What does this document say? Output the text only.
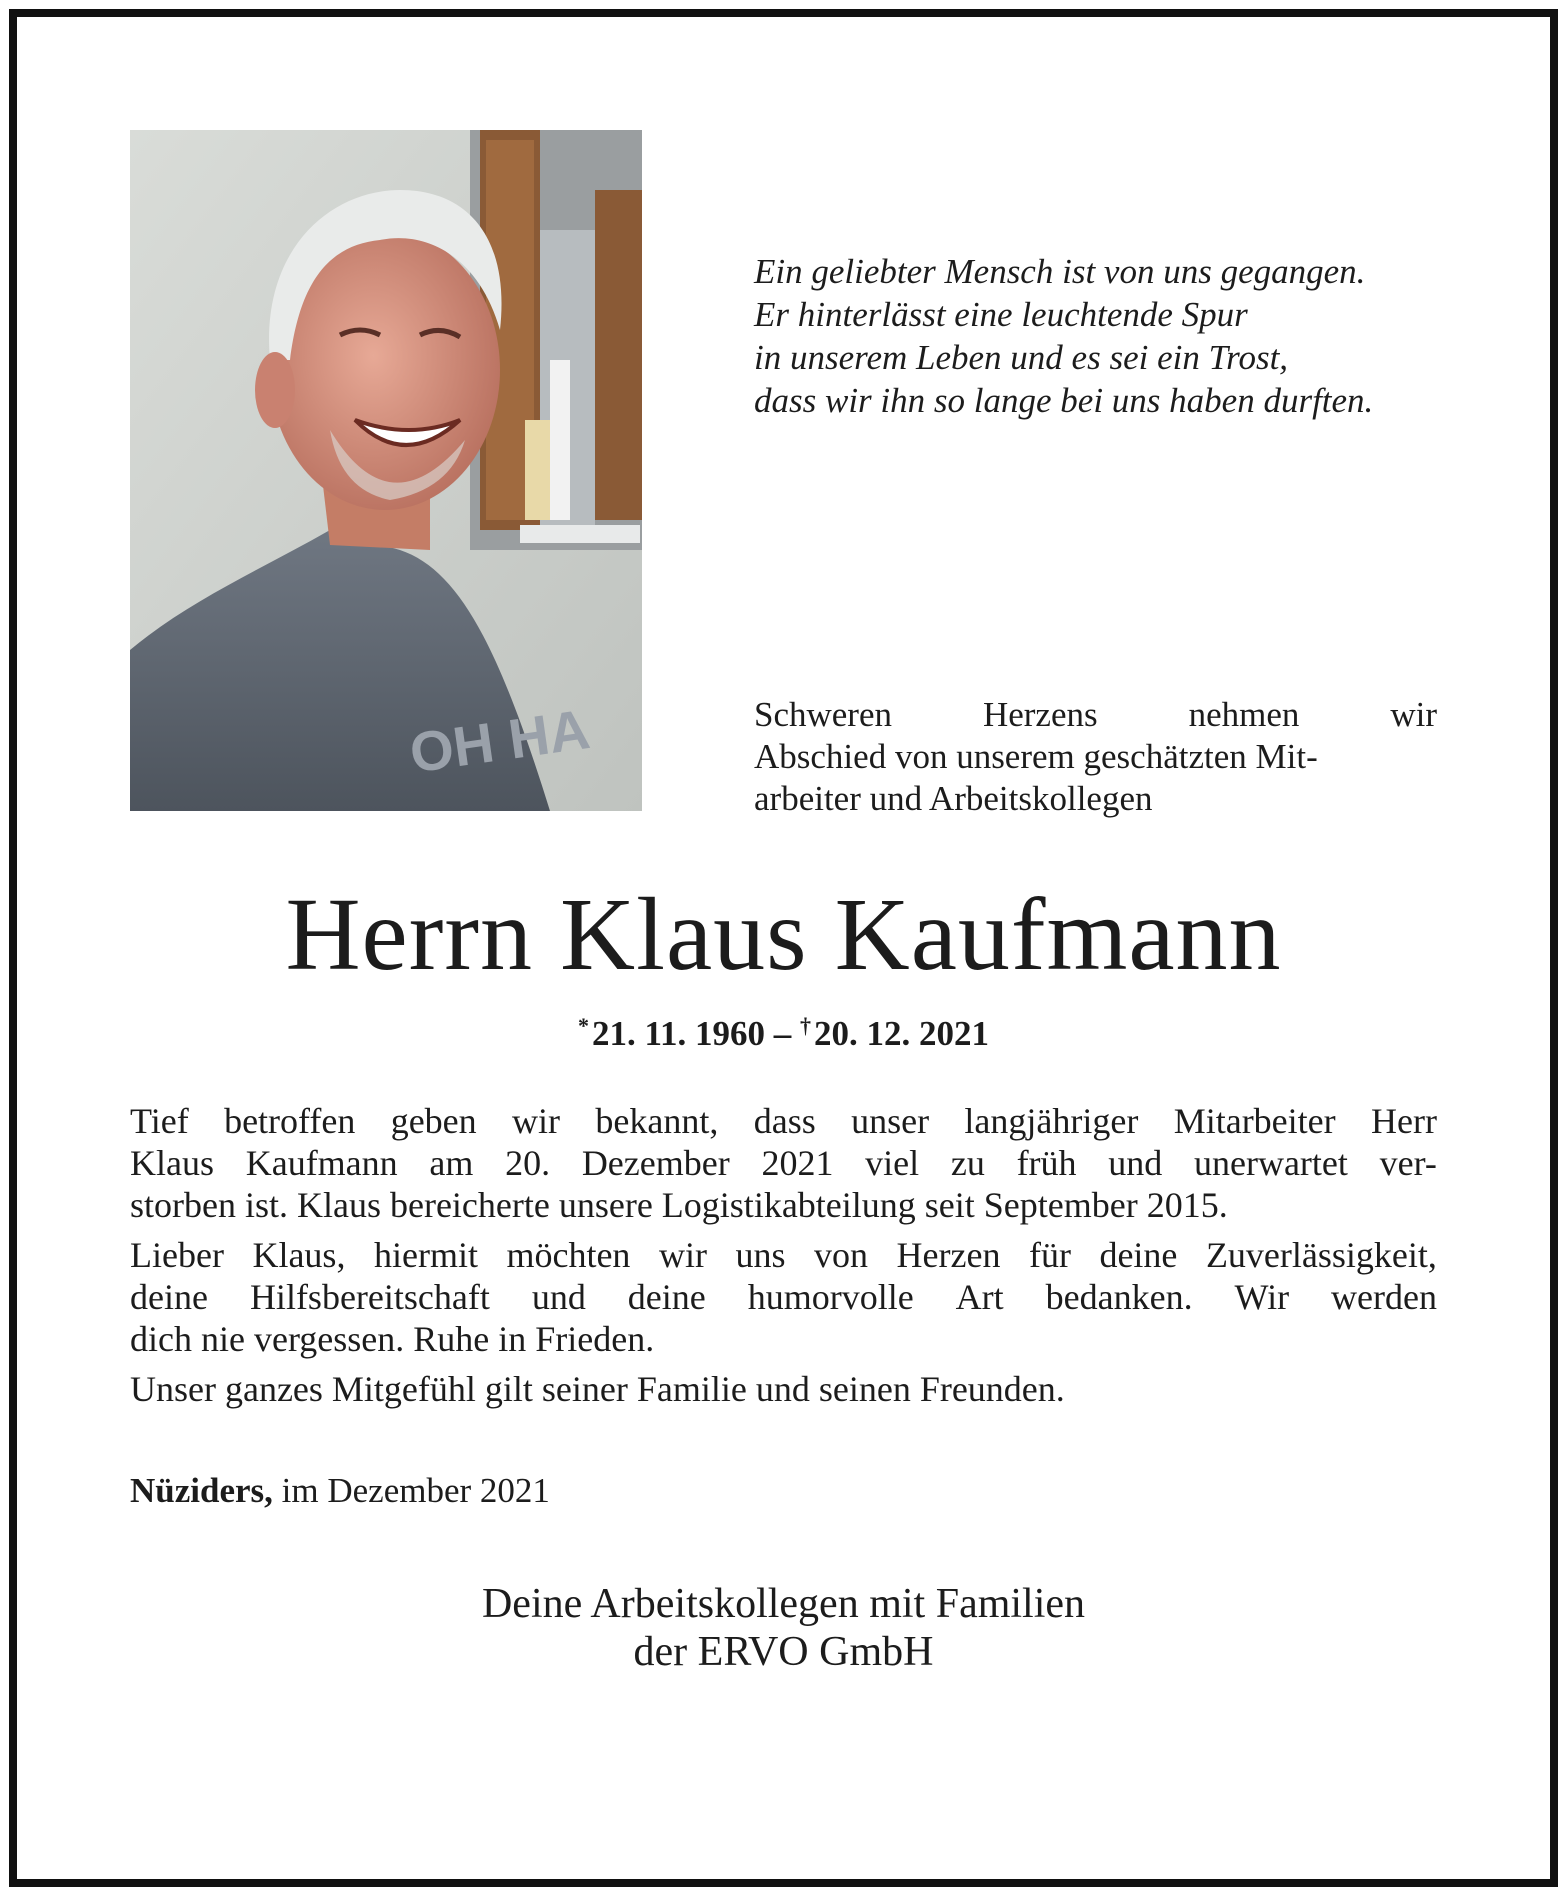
OH HA
Ein geliebter Mensch ist von uns gegangen.
Er hinterlässt eine leuchtende Spur
in unserem Leben und es sei ein Trost,
dass wir ihn so lange bei uns haben durften.
Schweren	Herzens	nehmen	wir
Abschied von unserem geschätzten Mit-
arbeiter und Arbeitskollegen
Herrn Klaus Kaufmann
*21. 11. 1960 – †20. 12. 2021
Tief betroffen geben wir bekannt, dass unser langjähriger Mitarbeiter Herr
Klaus Kaufmann am 20. Dezember 2021 viel zu früh und unerwartet ver-
storben ist. Klaus bereicherte unsere Logistikabteilung seit September 2015.
Lieber Klaus, hiermit möchten wir uns von Herzen für deine Zuverlässigkeit,
deine Hilfsbereitschaft und deine humorvolle Art bedanken. Wir werden
dich nie vergessen. Ruhe in Frieden.
Unser ganzes Mitgefühl gilt seiner Familie und seinen Freunden.
Nüziders, im Dezember 2021
Deine Arbeitskollegen mit Familien
der ERVO GmbH
